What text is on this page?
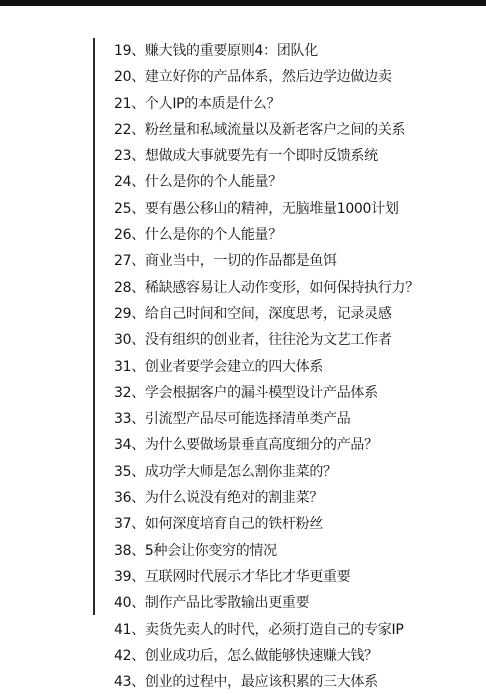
19、赚大钱的重要原则4：团队化
20、建立好你的产品体系，然后边学边做边卖
21、个人IP的本质是什么？
22、粉丝量和私域流量以及新老客户之间的关系
23、想做成大事就要先有一个即时反馈系统
24、什么是你的个人能量？
25、要有愚公移山的精神，无脑堆量1000计划
26、什么是你的个人能量？
27、商业当中，一切的作品都是鱼饵
28、稀缺感容易让人动作变形，如何保持执行力？
29、给自己时间和空间，深度思考，记录灵感
30、没有组织的创业者，往往沦为文艺工作者
31、创业者要学会建立的四大体系
32、学会根据客户的漏斗模型设计产品体系
33、引流型产品尽可能选择清单类产品
34、为什么要做场景垂直高度细分的产品？
35、成功学大师是怎么割你韭菜的？
36、为什么说没有绝对的割韭菜？
37、如何深度培育自己的铁杆粉丝
38、5种会让你变穷的情况
39、互联网时代展示才华比才华更重要
40、制作产品比零散输出更重要
41、卖货先卖人的时代，必须打造自己的专家IP
42、创业成功后，怎么做能够快速赚大钱？
43、创业的过程中，最应该积累的三大体系
